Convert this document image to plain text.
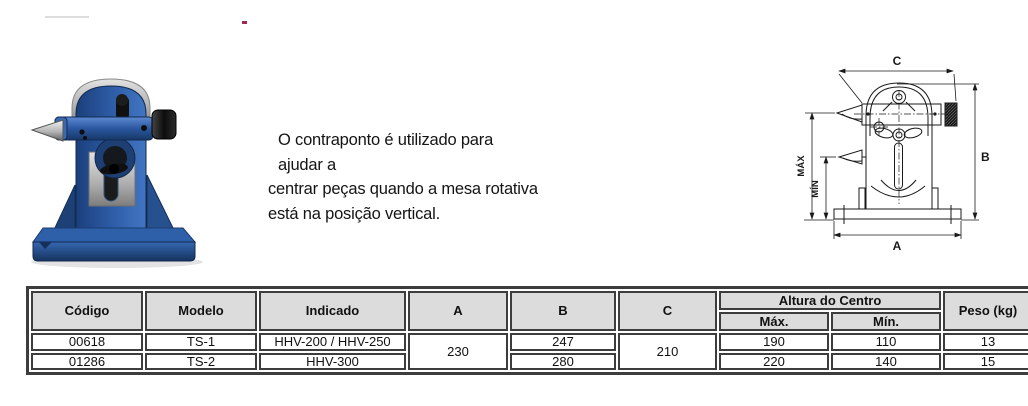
O contraponto é utilizado para ajudar a
centrar peças quando a mesa rotativa
está na posição vertical.
C
B
A
MÁX
MÍN
Código	Modelo	Indicado	A	B	C	Altura do Centro		Peso (kg)
						Máx.	Mín.	
00618	TS-1	HHV-200 / HHV-250	230	247	210	190	110	13
01286	TS-2	HHV-300		280		220	140	15
